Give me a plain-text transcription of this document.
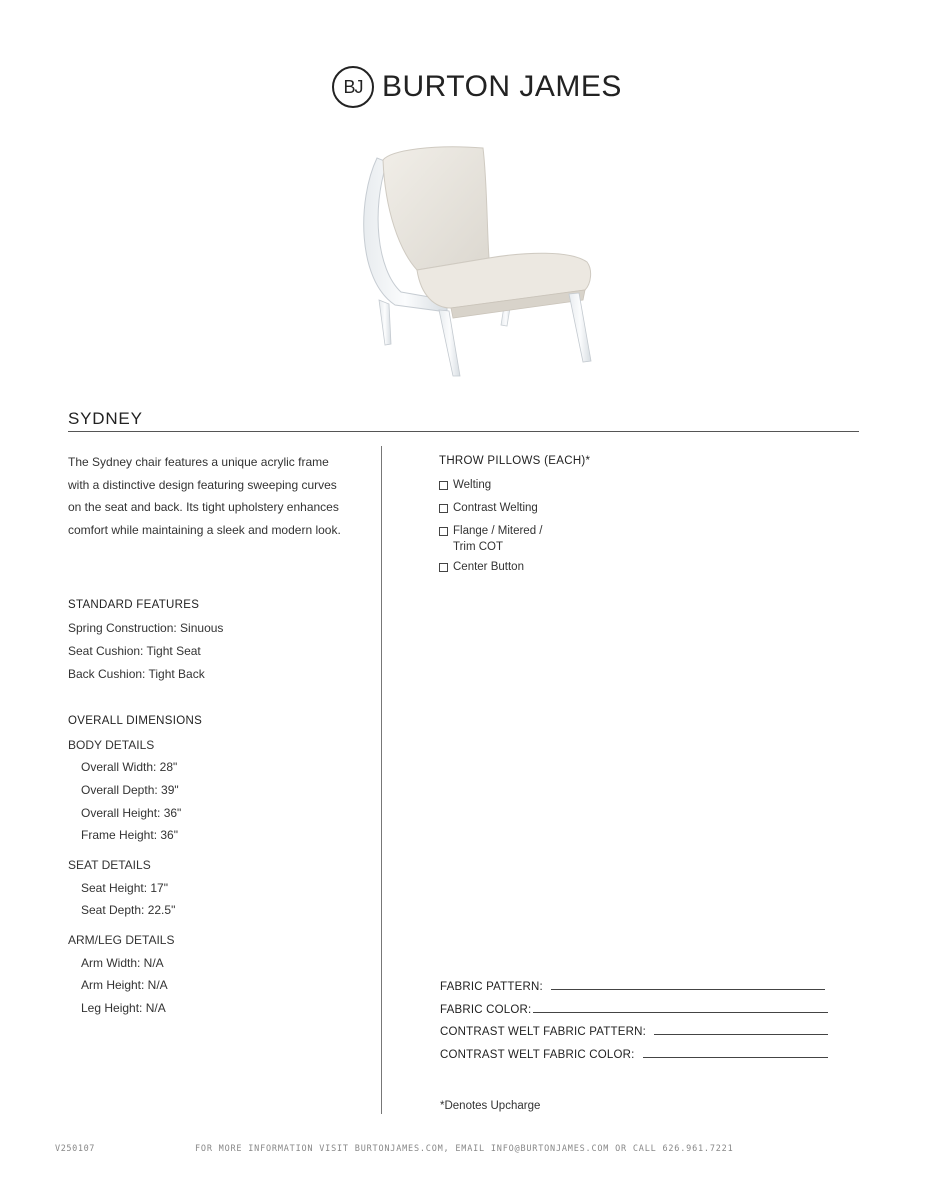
BJ BURTON JAMES
SYDNEY
The Sydney chair features a unique acrylic frame with a distinctive design featuring sweeping curves on the seat and back. Its tight upholstery enhances comfort while maintaining a sleek and modern look.
STANDARD FEATURES
Spring Construction: Sinuous
Seat Cushion: Tight Seat
Back Cushion: Tight Back
OVERALL DIMENSIONS
BODY DETAILS
Overall Width: 28"
Overall Depth: 39"
Overall Height: 36"
Frame Height: 36"
SEAT DETAILS
Seat Height: 17"
Seat Depth: 22.5"
ARM/LEG DETAILS
Arm Width: N/A
Arm Height: N/A
Leg Height: N/A
THROW PILLOWS (EACH)*
Welting
Contrast Welting
Flange / Mitered /
Trim COT
Center Button
FABRIC PATTERN:
FABRIC COLOR:
CONTRAST WELT FABRIC PATTERN:
CONTRAST WELT FABRIC COLOR:
*Denotes Upcharge
V250107	FOR MORE INFORMATION VISIT BURTONJAMES.COM, EMAIL INFO@BURTONJAMES.COM OR CALL 626.961.7221
